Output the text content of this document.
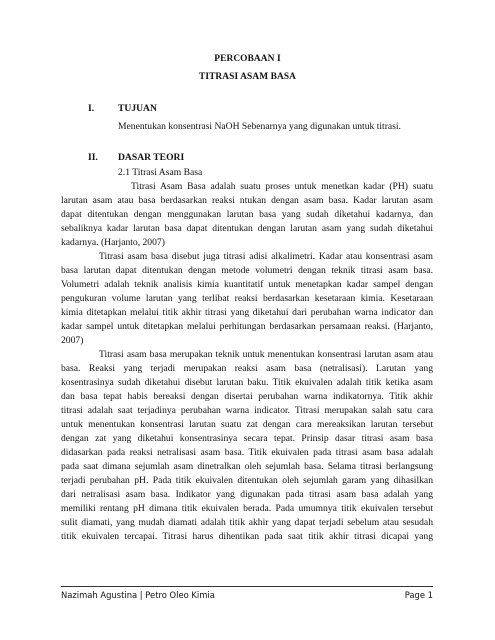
PERCOBAAN I
TITRASI ASAM BASA
I. TUJUAN
Menentukan konsentrasi NaOH Sebenarnya yang digunakan untuk titrasi.
II. DASAR TEORI
2.1 Titrasi Asam Basa
Titrasi Asam Basa adalah suatu proses untuk menetkan kadar (PH) suatu
larutan asam atau basa berdasarkan reaksi ntukan dengan asam basa. Kadar larutan asam
dapat ditentukan dengan menggunakan larutan basa yang sudah diketahui kadarnya, dan
sebaliknya kadar larutan basa dapat ditentukan dengan larutan asam yang sudah diketahui
kadarnya. (Harjanto, 2007)
Titrasi asam basa disebut juga titrasi adisi alkalimetri. Kadar atau konsentrasi asam
basa larutan dapat ditentukan dengan metode volumetri dengan teknik titrasi asam basa.
Volumetri adalah teknik analisis kimia kuantitatif untuk menetapkan kadar sampel dengan
pengukuran volume larutan yang terlibat reaksi berdasarkan kesetaraan kimia. Kesetaraan
kimia ditetapkan melalui titik akhir titrasi yang diketahui dari perubahan warna indicator dan
kadar sampel untuk ditetapkan melalui perhitungan berdasarkan persamaan reaksi. (Harjanto,
2007)
Titrasi asam basa merupakan teknik untuk menentukan konsentrasi larutan asam atau
basa. Reaksi yang terjadi merupakan reaksi asam basa (netralisasi). Larutan yang
kosentrasinya sudah diketahui disebut larutan baku. Titik ekuivalen adalah titik ketika asam
dan basa tepat habis bereaksi dengan disertai perubahan warna indikatornya. Titik akhir
titrasi adalah saat terjadinya perubahan warna indicator. Titrasi merupakan salah satu cara
untuk menentukan konsentrasi larutan suatu zat dengan cara mereaksikan larutan tersebut
dengan zat yang diketahui konsentrasinya secara tepat. Prinsip dasar titrasi asam basa
didasarkan pada reaksi netralisasi asam basa. Titik ekuivalen pada titrasi asam basa adalah
pada saat dimana sejumlah asam dinetralkan oleh sejumlah basa. Selama titrasi berlangsung
terjadi perubahan pH. Pada titik ekuivalen ditentukan oleh sejumlah garam yang dihasilkan
dari netralisasi asam basa. Indikator yang digunakan pada titrasi asam basa adalah yang
memiliki rentang pH dimana titik ekuivalen berada. Pada umumnya titik ekuivalen tersebut
sulit diamati, yang mudah diamati adalah titik akhir yang dapat terjadi sebelum atau sesudah
titik ekuivalen tercapai. Titrasi harus dihentikan pada saat titik akhir titrasi dicapai yang
Nazimah Agustina | Petro Oleo Kimia	Page 1
